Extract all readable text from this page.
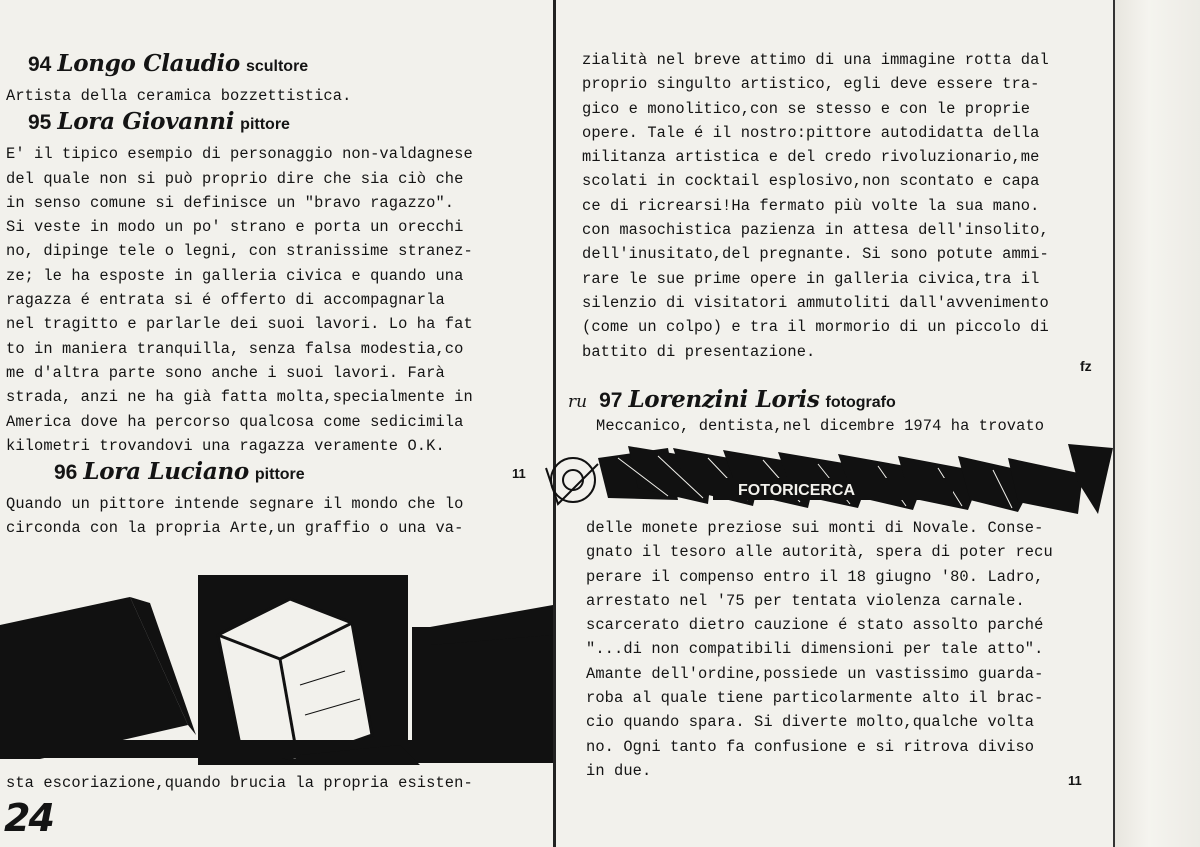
94 Longo Claudio scultore
Artista della ceramica bozzettistica.
95 Lora Giovanni pittore
E' il tipico esempio di personaggio non-valdagnese
del quale non si può proprio dire che sia ciò che
in senso comune si definisce un "bravo ragazzo".
Si veste in modo un po' strano e porta un orecchi
no, dipinge tele o legni, con stranissime stranez-
ze; le ha esposte in galleria civica e quando una
ragazza é entrata si é offerto di accompagnarla
nel tragitto e parlarle dei suoi lavori. Lo ha fat
to in maniera tranquilla, senza falsa modestia,co
me d'altra parte sono anche i suoi lavori. Farà
strada, anzi ne ha già fatta molta,specialmente in
America dove ha percorso qualcosa come sedicimila
kilometri trovandovi una ragazza veramente O.K.
96 Lora Luciano pittore
Quando un pittore intende segnare il mondo che lo
circonda con la propria Arte,un graffio o una va-
11
sta escoriazione,quando brucia la propria esisten-
24
zialità nel breve attimo di una immagine rotta dal
proprio singulto artistico, egli deve essere tra-
gico e monolitico,con se stesso e con le proprie
opere. Tale é il nostro:pittore autodidatta della
militanza artistica e del credo rivoluzionario,me
scolati in cocktail esplosivo,non scontato e capa
ce di ricrearsi!Ha fermato più volte la sua mano.
con masochistica pazienza in attesa dell'insolito,
dell'inusitato,del pregnante. Si sono potute ammi-
rare le sue prime opere in galleria civica,tra il
silenzio di visitatori ammutoliti dall'avvenimento
(come un colpo) e tra il mormorio di un piccolo di
battito di presentazione.
fz
ru 97 Lorenzini Loris fotografo
Meccanico, dentista,nel dicembre 1974 ha trovato
FOTORICERCA
delle monete preziose sui monti di Novale. Conse-
gnato il tesoro alle autorità, spera di poter recu
perare il compenso entro il 18 giugno '80. Ladro,
arrestato nel '75 per tentata violenza carnale.
scarcerato dietro cauzione é stato assolto parché
"...di non compatibili dimensioni per tale atto".
Amante dell'ordine,possiede un vastissimo guarda-
roba al quale tiene particolarmente alto il brac-
cio quando spara. Si diverte molto,qualche volta
no. Ogni tanto fa confusione e si ritrova diviso
in due.
11
